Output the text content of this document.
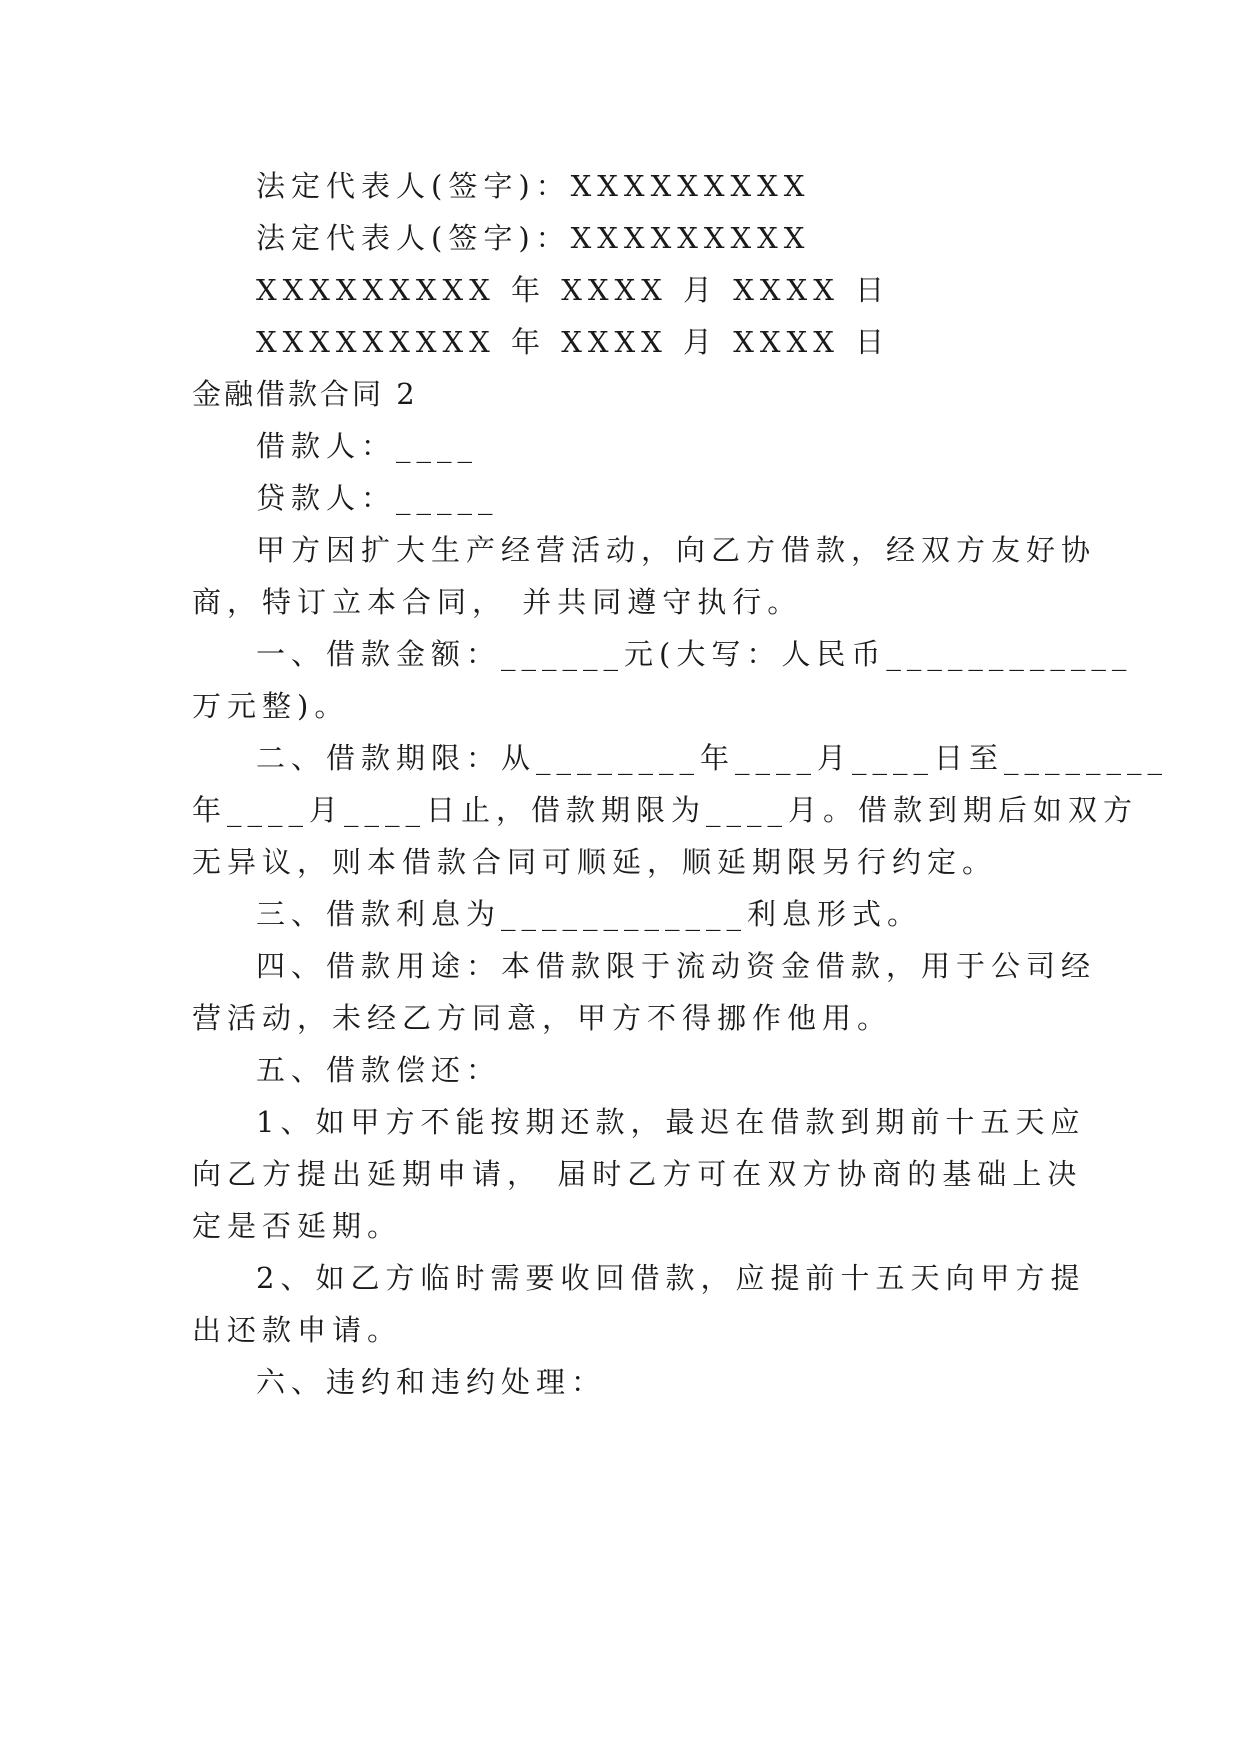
法定代表人(签字)：XXXXXXXXX
法定代表人(签字)：XXXXXXXXX
XXXXXXXXX 年 XXXX 月 XXXX 日
XXXXXXXXX 年 XXXX 月 XXXX 日
金融借款合同 2
借款人：____
贷款人：_____
甲方因扩大生产经营活动，向乙方借款，经双方友好协
商，特订立本合同， 并共同遵守执行。
一、借款金额：______元(大写：人民币____________
万元整)。
二、借款期限：从________年____月____日至________
年____月____日止，借款期限为____月。借款到期后如双方
无异议，则本借款合同可顺延，顺延期限另行约定。
三、借款利息为____________利息形式。
四、借款用途：本借款限于流动资金借款，用于公司经
营活动，未经乙方同意，甲方不得挪作他用。
五、借款偿还：
1、如甲方不能按期还款，最迟在借款到期前十五天应
向乙方提出延期申请， 届时乙方可在双方协商的基础上决
定是否延期。
2、如乙方临时需要收回借款，应提前十五天向甲方提
出还款申请。
六、违约和违约处理：
